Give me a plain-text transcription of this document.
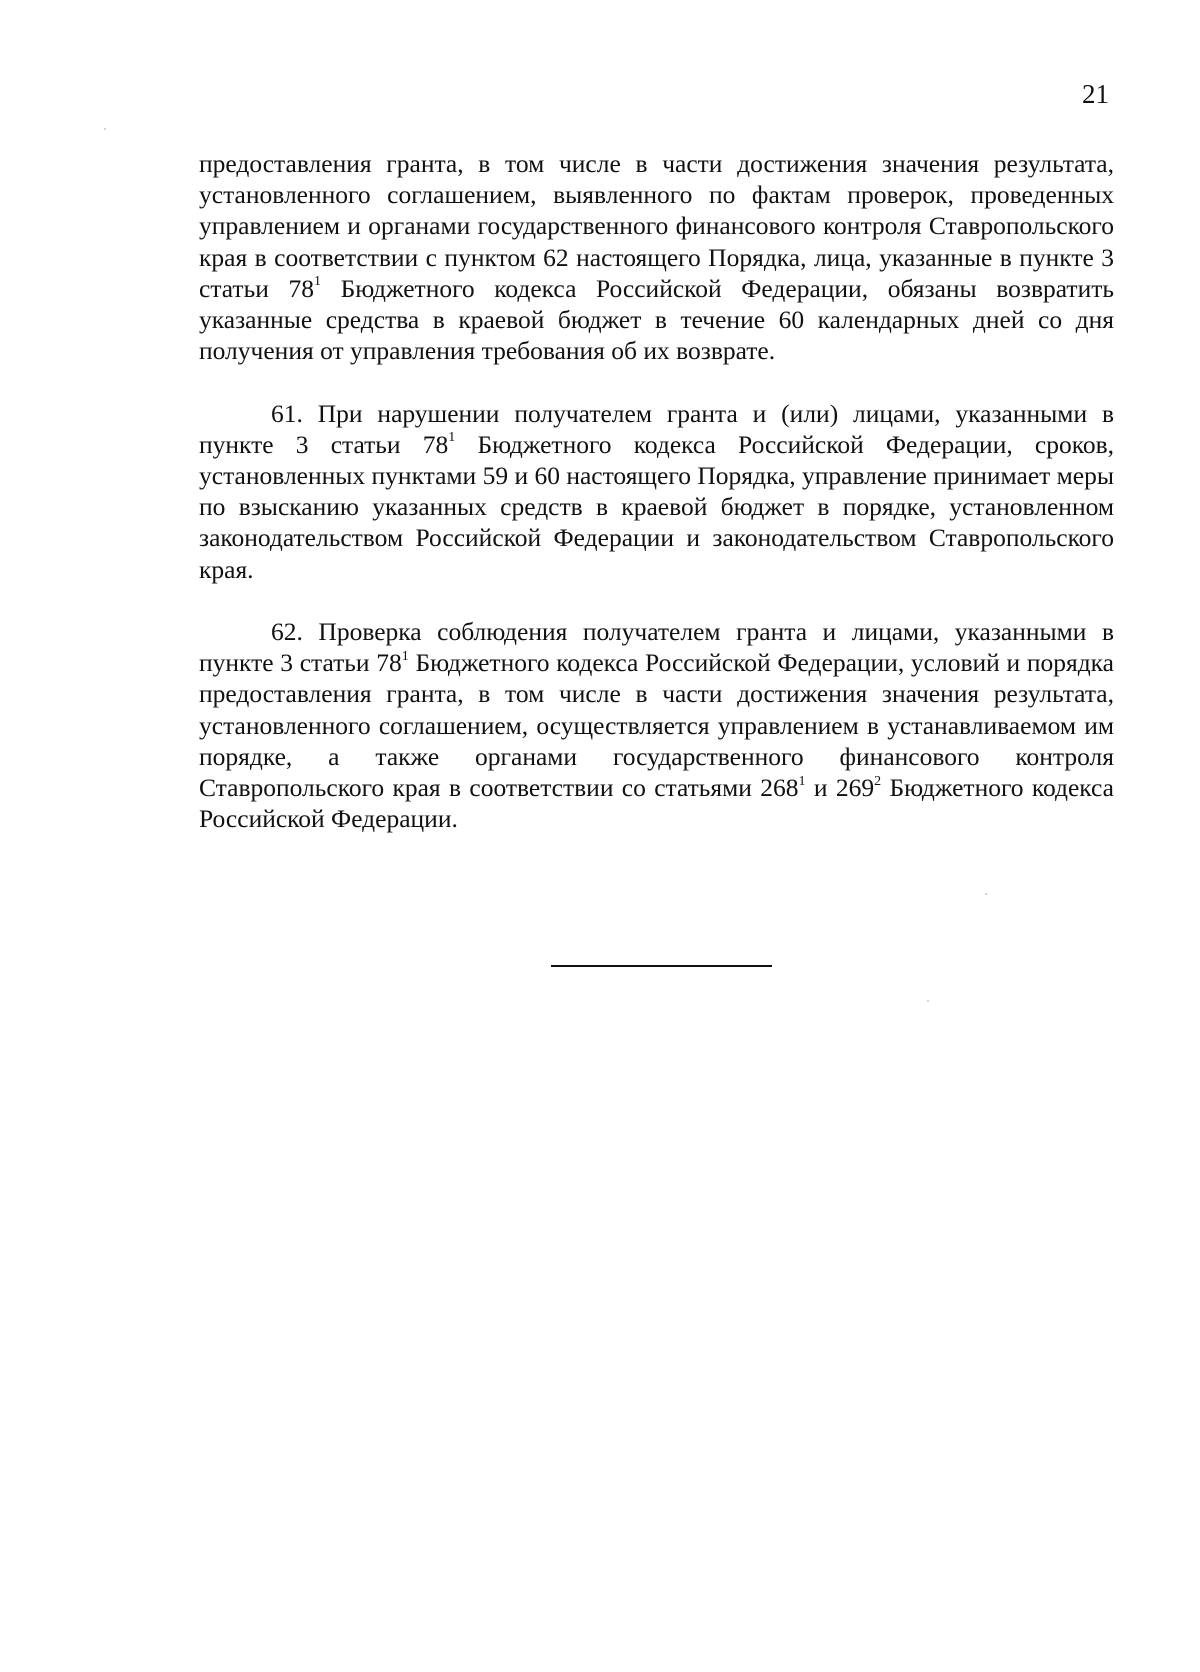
21

предоставления гранта, в том числе в части достижения значения результата, установленного соглашением, выявленного по фактам проверок, проведенных управлением и органами государственного финансового контроля Ставропольского края в соответствии с пунктом 62 настоящего Порядка, лица, указанные в пункте 3 статьи $78^1$ Бюджетного кодекса Российской Федерации, обязаны возвратить указанные средства в краевой бюджет в течение 60 календарных дней со дня получения от управления требования об их возврате.

61. При нарушении получателем гранта и (или) лицами, указанными в пункте 3 статьи $78^1$ Бюджетного кодекса Российской Федерации, сроков, установленных пунктами 59 и 60 настоящего Порядка, управление принимает меры по взысканию указанных средств в краевой бюджет в порядке, установленном законодательством Российской Федерации и законодательством Ставропольского края.

62. Проверка соблюдения получателем гранта и лицами, указанными в пункте 3 статьи $78^1$ Бюджетного кодекса Российской Федерации, условий и порядка предоставления гранта, в том числе в части достижения значения результата, установленного соглашением, осуществляется управлением в устанавливаемом им порядке, а также органами государственного финансового контроля Ставропольского края в соответствии со статьями $268^1$ и $269^2$ Бюджетного кодекса Российской Федерации.
